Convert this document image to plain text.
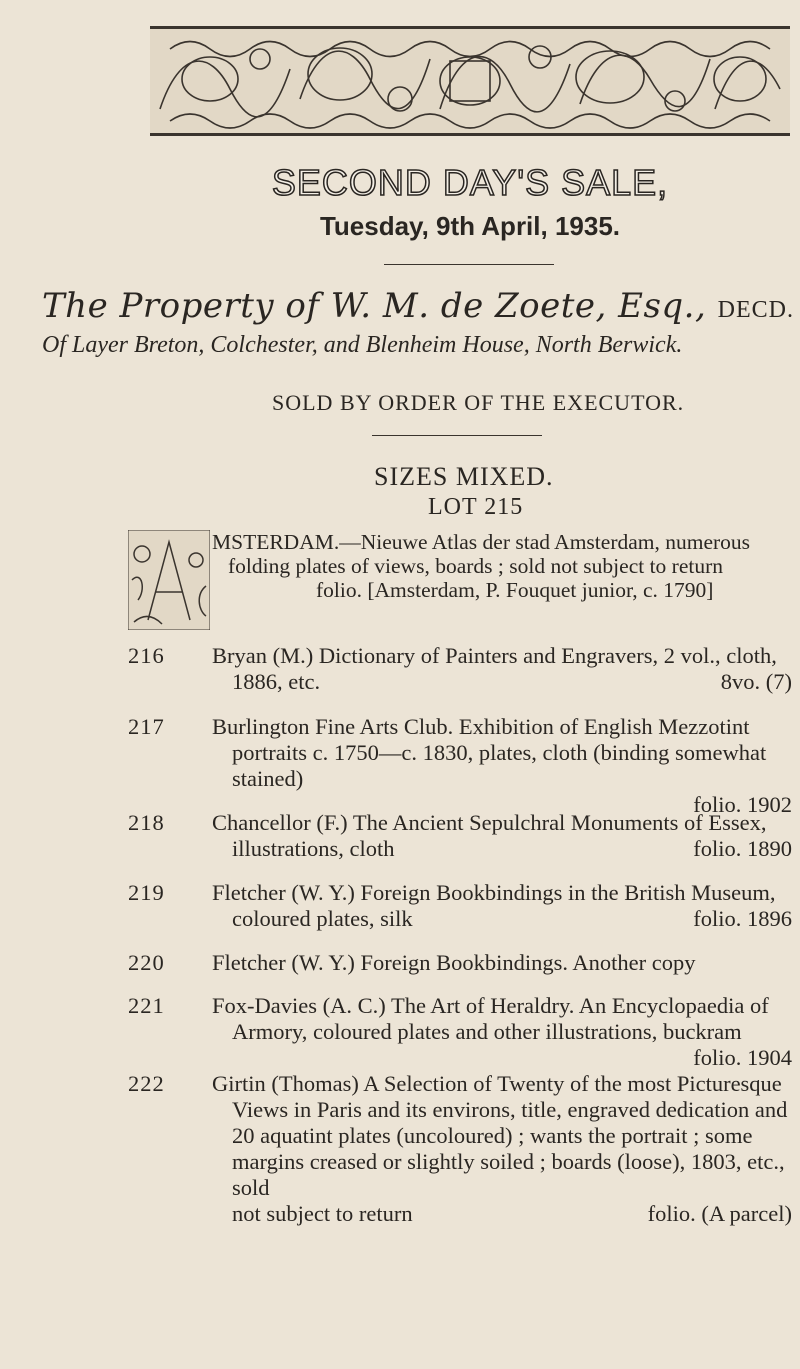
SECOND DAY'S SALE,
Tuesday, 9th April, 1935.
The Property of W. M. de Zoete, Esq., DECD.
Of Layer Breton, Colchester, and Blenheim House, North Berwick.
SOLD BY ORDER OF THE EXECUTOR.
SIZES MIXED.
LOT 215
MSTERDAM.—Nieuwe Atlas der stad Amsterdam, numerous
folding plates of views, boards ; sold not subject to return
folio. [Amsterdam, P. Fouquet junior, c. 1790]
216	Bryan (M.) Dictionary of Painters and Engravers, 2 vol., cloth,
1886, etc.	8vo. (7)
217	Burlington Fine Arts Club. Exhibition of English Mezzotint
portraits c. 1750—c. 1830, plates, cloth (binding somewhat stained)
folio. 1902
218	Chancellor (F.) The Ancient Sepulchral Monuments of Essex,
illustrations, cloth	folio. 1890
219	Fletcher (W. Y.) Foreign Bookbindings in the British Museum,
coloured plates, silk	folio. 1896
220	Fletcher (W. Y.) Foreign Bookbindings. Another copy
221	Fox-Davies (A. C.) The Art of Heraldry. An Encyclopaedia of
Armory, coloured plates and other illustrations, buckram
folio. 1904
222	Girtin (Thomas) A Selection of Twenty of the most Picturesque
Views in Paris and its environs, title, engraved dedication and
20 aquatint plates (uncoloured) ; wants the portrait ; some
margins creased or slightly soiled ; boards (loose), 1803, etc., sold
not subject to return	folio. (A parcel)
